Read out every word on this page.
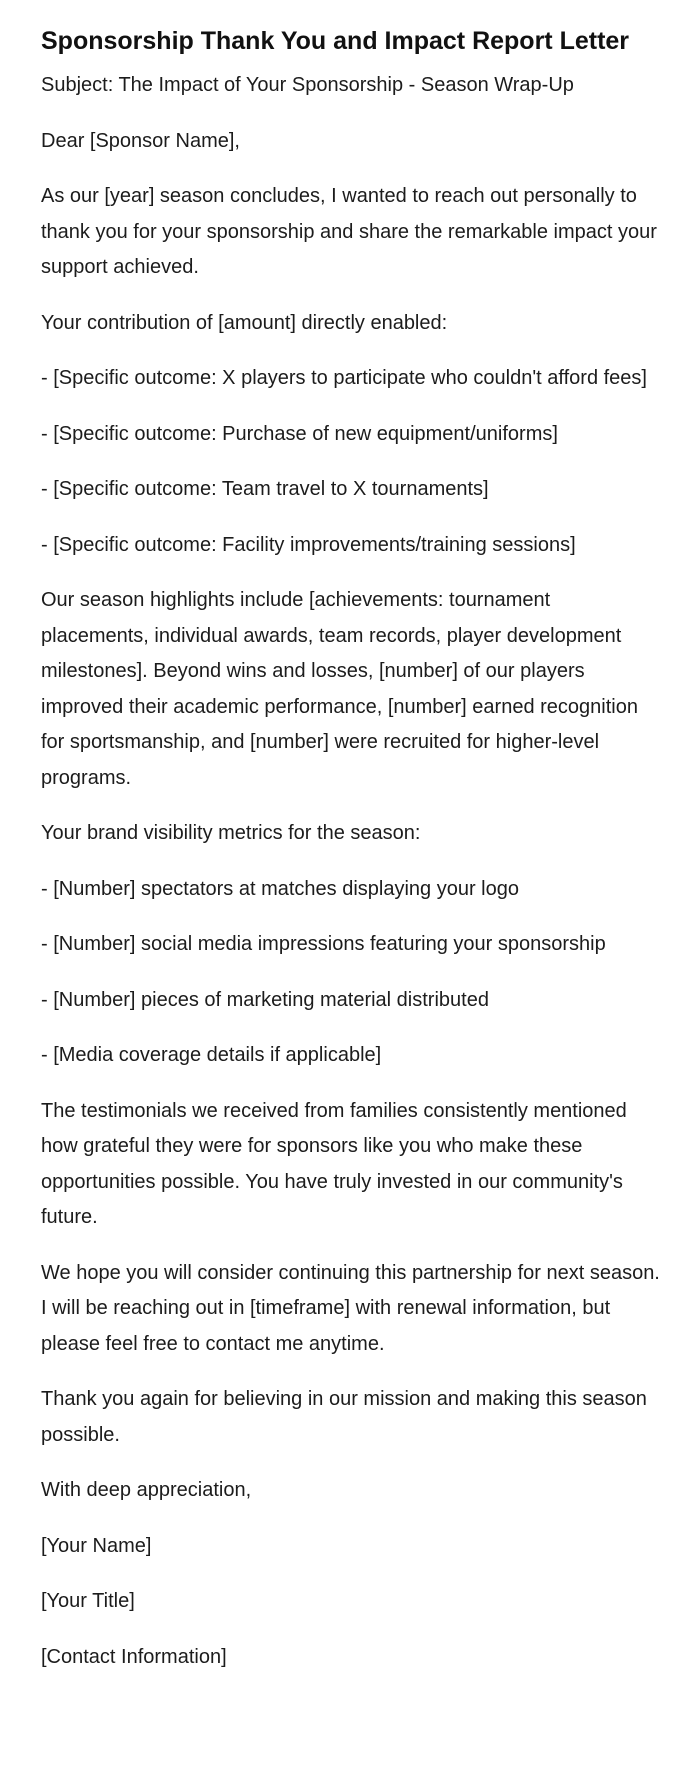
Sponsorship Thank You and Impact Report Letter

Subject: The Impact of Your Sponsorship - Season Wrap-Up

Dear [Sponsor Name],

As our [year] season concludes, I wanted to reach out personally to thank you for your sponsorship and share the remarkable impact your support achieved.

Your contribution of [amount] directly enabled:

- [Specific outcome: X players to participate who couldn't afford fees]

- [Specific outcome: Purchase of new equipment/uniforms]

- [Specific outcome: Team travel to X tournaments]

- [Specific outcome: Facility improvements/training sessions]

Our season highlights include [achievements: tournament placements, individual awards, team records, player development milestones]. Beyond wins and losses, [number] of our players improved their academic performance, [number] earned recognition for sportsmanship, and [number] were recruited for higher-level programs.

Your brand visibility metrics for the season:

- [Number] spectators at matches displaying your logo

- [Number] social media impressions featuring your sponsorship

- [Number] pieces of marketing material distributed

- [Media coverage details if applicable]

The testimonials we received from families consistently mentioned how grateful they were for sponsors like you who make these opportunities possible. You have truly invested in our community's future.

We hope you will consider continuing this partnership for next season. I will be reaching out in [timeframe] with renewal information, but please feel free to contact me anytime.

Thank you again for believing in our mission and making this season possible.

With deep appreciation,

[Your Name]

[Your Title]

[Contact Information]
